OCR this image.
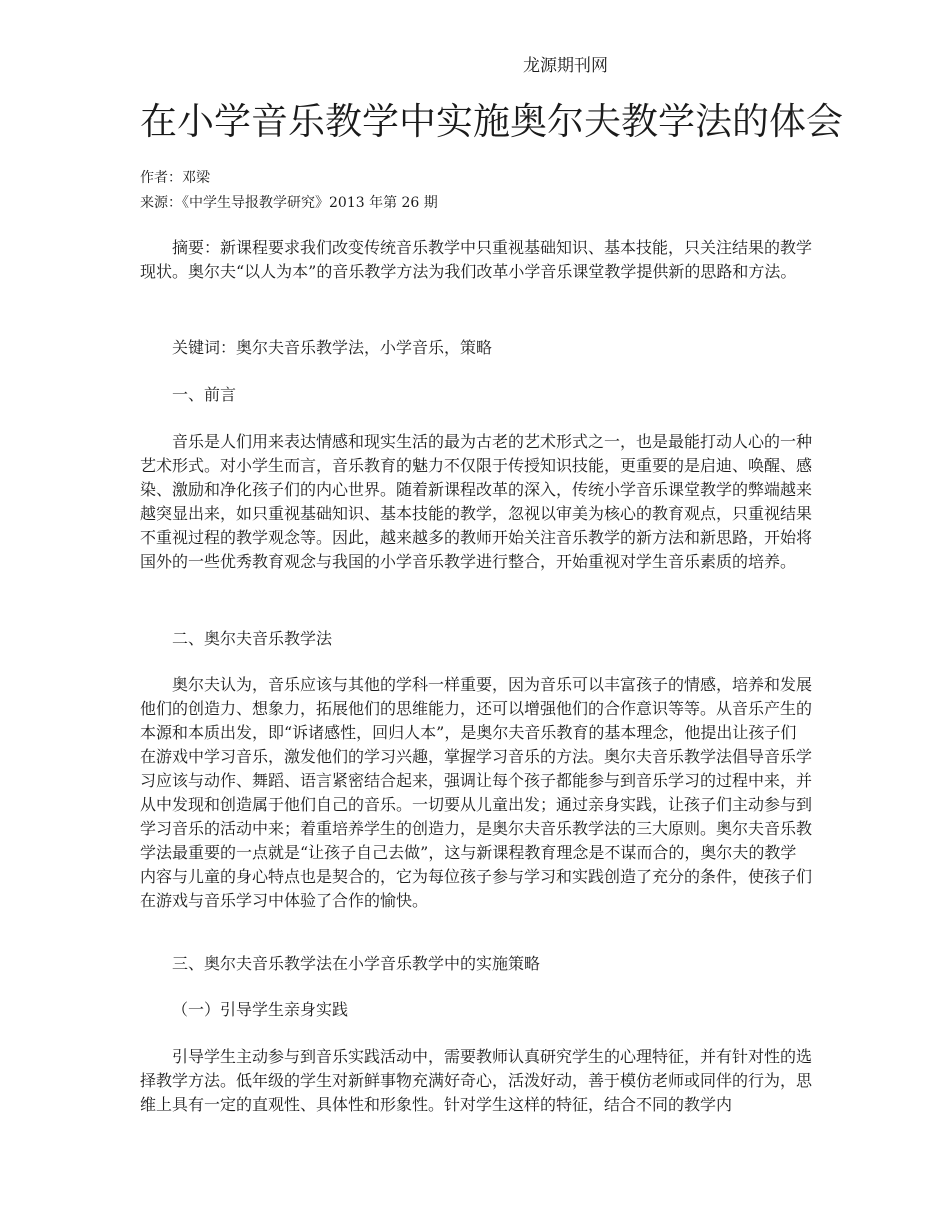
龙源期刊网
在小学音乐教学中实施奥尔夫教学法的体会
作者：邓梁
来源：《中学生导报教学研究》2013 年第 26 期

摘要：新课程要求我们改变传统音乐教学中只重视基础知识、基本技能，只关注结果的教学现状。奥尔夫“以人为本”的音乐教学方法为我们改革小学音乐课堂教学提供新的思路和方法。

关键词：奥尔夫音乐教学法，小学音乐，策略

一、前言

音乐是人们用来表达情感和现实生活的最为古老的艺术形式之一，也是最能打动人心的一种艺术形式。对小学生而言，音乐教育的魅力不仅限于传授知识技能，更重要的是启迪、唤醒、感染、激励和净化孩子们的内心世界。随着新课程改革的深入，传统小学音乐课堂教学的弊端越来越突显出来，如只重视基础知识、基本技能的教学，忽视以审美为核心的教育观点，只重视结果不重视过程的教学观念等。因此，越来越多的教师开始关注音乐教学的新方法和新思路，开始将国外的一些优秀教育观念与我国的小学音乐教学进行整合，开始重视对学生音乐素质的培养。

二、奥尔夫音乐教学法

奥尔夫认为，音乐应该与其他的学科一样重要，因为音乐可以丰富孩子的情感，培养和发展他们的创造力、想象力，拓展他们的思维能力，还可以增强他们的合作意识等等。从音乐产生的本源和本质出发，即“诉诸感性，回归人本”，是奥尔夫音乐教育的基本理念，他提出让孩子们在游戏中学习音乐，激发他们的学习兴趣，掌握学习音乐的方法。奥尔夫音乐教学法倡导音乐学习应该与动作、舞蹈、语言紧密结合起来，强调让每个孩子都能参与到音乐学习的过程中来，并从中发现和创造属于他们自己的音乐。一切要从儿童出发；通过亲身实践，让孩子们主动参与到学习音乐的活动中来；着重培养学生的创造力，是奥尔夫音乐教学法的三大原则。奥尔夫音乐教学法最重要的一点就是“让孩子自己去做”，这与新课程教育理念是不谋而合的，奥尔夫的教学内容与儿童的身心特点也是契合的，它为每位孩子参与学习和实践创造了充分的条件，使孩子们在游戏与音乐学习中体验了合作的愉快。

三、奥尔夫音乐教学法在小学音乐教学中的实施策略

（一）引导学生亲身实践

引导学生主动参与到音乐实践活动中，需要教师认真研究学生的心理特征，并有针对性的选择教学方法。低年级的学生对新鲜事物充满好奇心，活泼好动，善于模仿老师或同伴的行为，思维上具有一定的直观性、具体性和形象性。针对学生这样的特征，结合不同的教学内
